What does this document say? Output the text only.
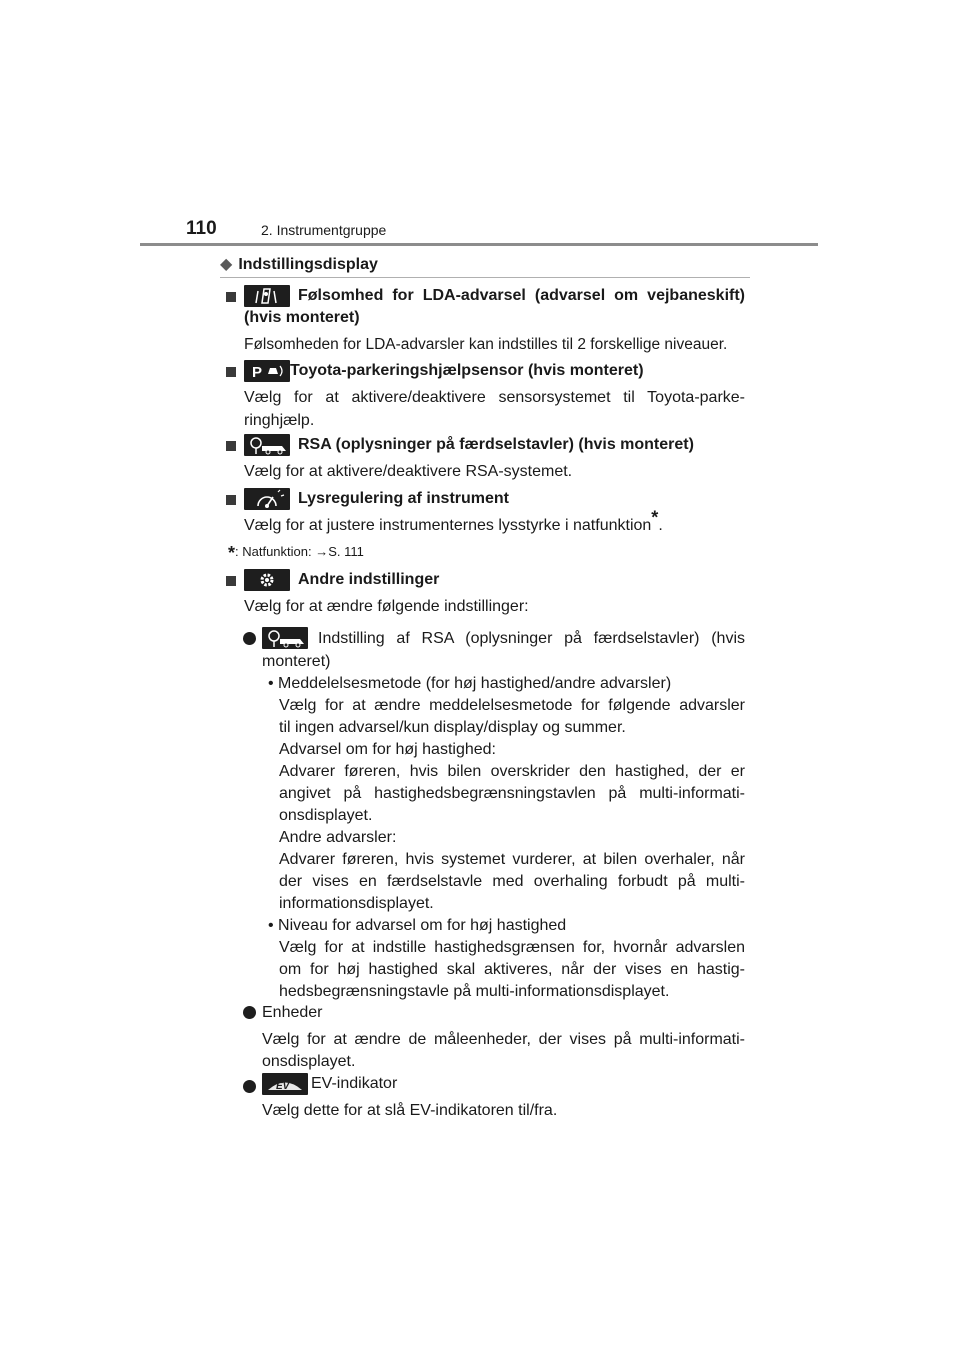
110	2. Instrumentgruppe
◆ Indstillingsdisplay
Følsomhed for LDA-advarsel (advarsel om vejbaneskift)
(hvis monteret)
Følsomheden for LDA-advarsler kan indstilles til 2 forskellige niveauer.
P Toyota-parkeringshjælpsensor (hvis monteret)
Vælg for at aktivere/deaktivere sensorsystemet til Toyota-parke-
ringhjælp.
RSA (oplysninger på færdselstavler) (hvis monteret)
Vælg for at aktivere/deaktivere RSA-systemet.
Lysregulering af instrument
Vælg for at justere instrumenternes lysstyrke i natfunktion*.
*: Natfunktion: →S. 111
Andre indstillinger
Vælg for at ændre følgende indstillinger:
Indstilling af RSA (oplysninger på færdselstavler) (hvis
monteret)
• Meddelelsesmetode (for høj hastighed/andre advarsler)
Vælg for at ændre meddelelsesmetode for følgende advarsler
til ingen advarsel/kun display/display og summer.
Advarsel om for høj hastighed:
Advarer føreren, hvis bilen overskrider den hastighed, der er
angivet på hastighedsbegrænsningstavlen på multi-informati-
onsdisplayet.
Andre advarsler:
Advarer føreren, hvis systemet vurderer, at bilen overhaler, når
der vises en færdselstavle med overhaling forbudt på multi-
informationsdisplayet.
• Niveau for advarsel om for høj hastighed
Vælg for at indstille hastighedsgrænsen for, hvornår advarslen
om for høj hastighed skal aktiveres, når der vises en hastig-
hedsbegrænsningstavle på multi-informationsdisplayet.
Enheder
Vælg for at ændre de måleenheder, der vises på multi-informati-
onsdisplayet.
EV EV-indikator
Vælg dette for at slå EV-indikatoren til/fra.
